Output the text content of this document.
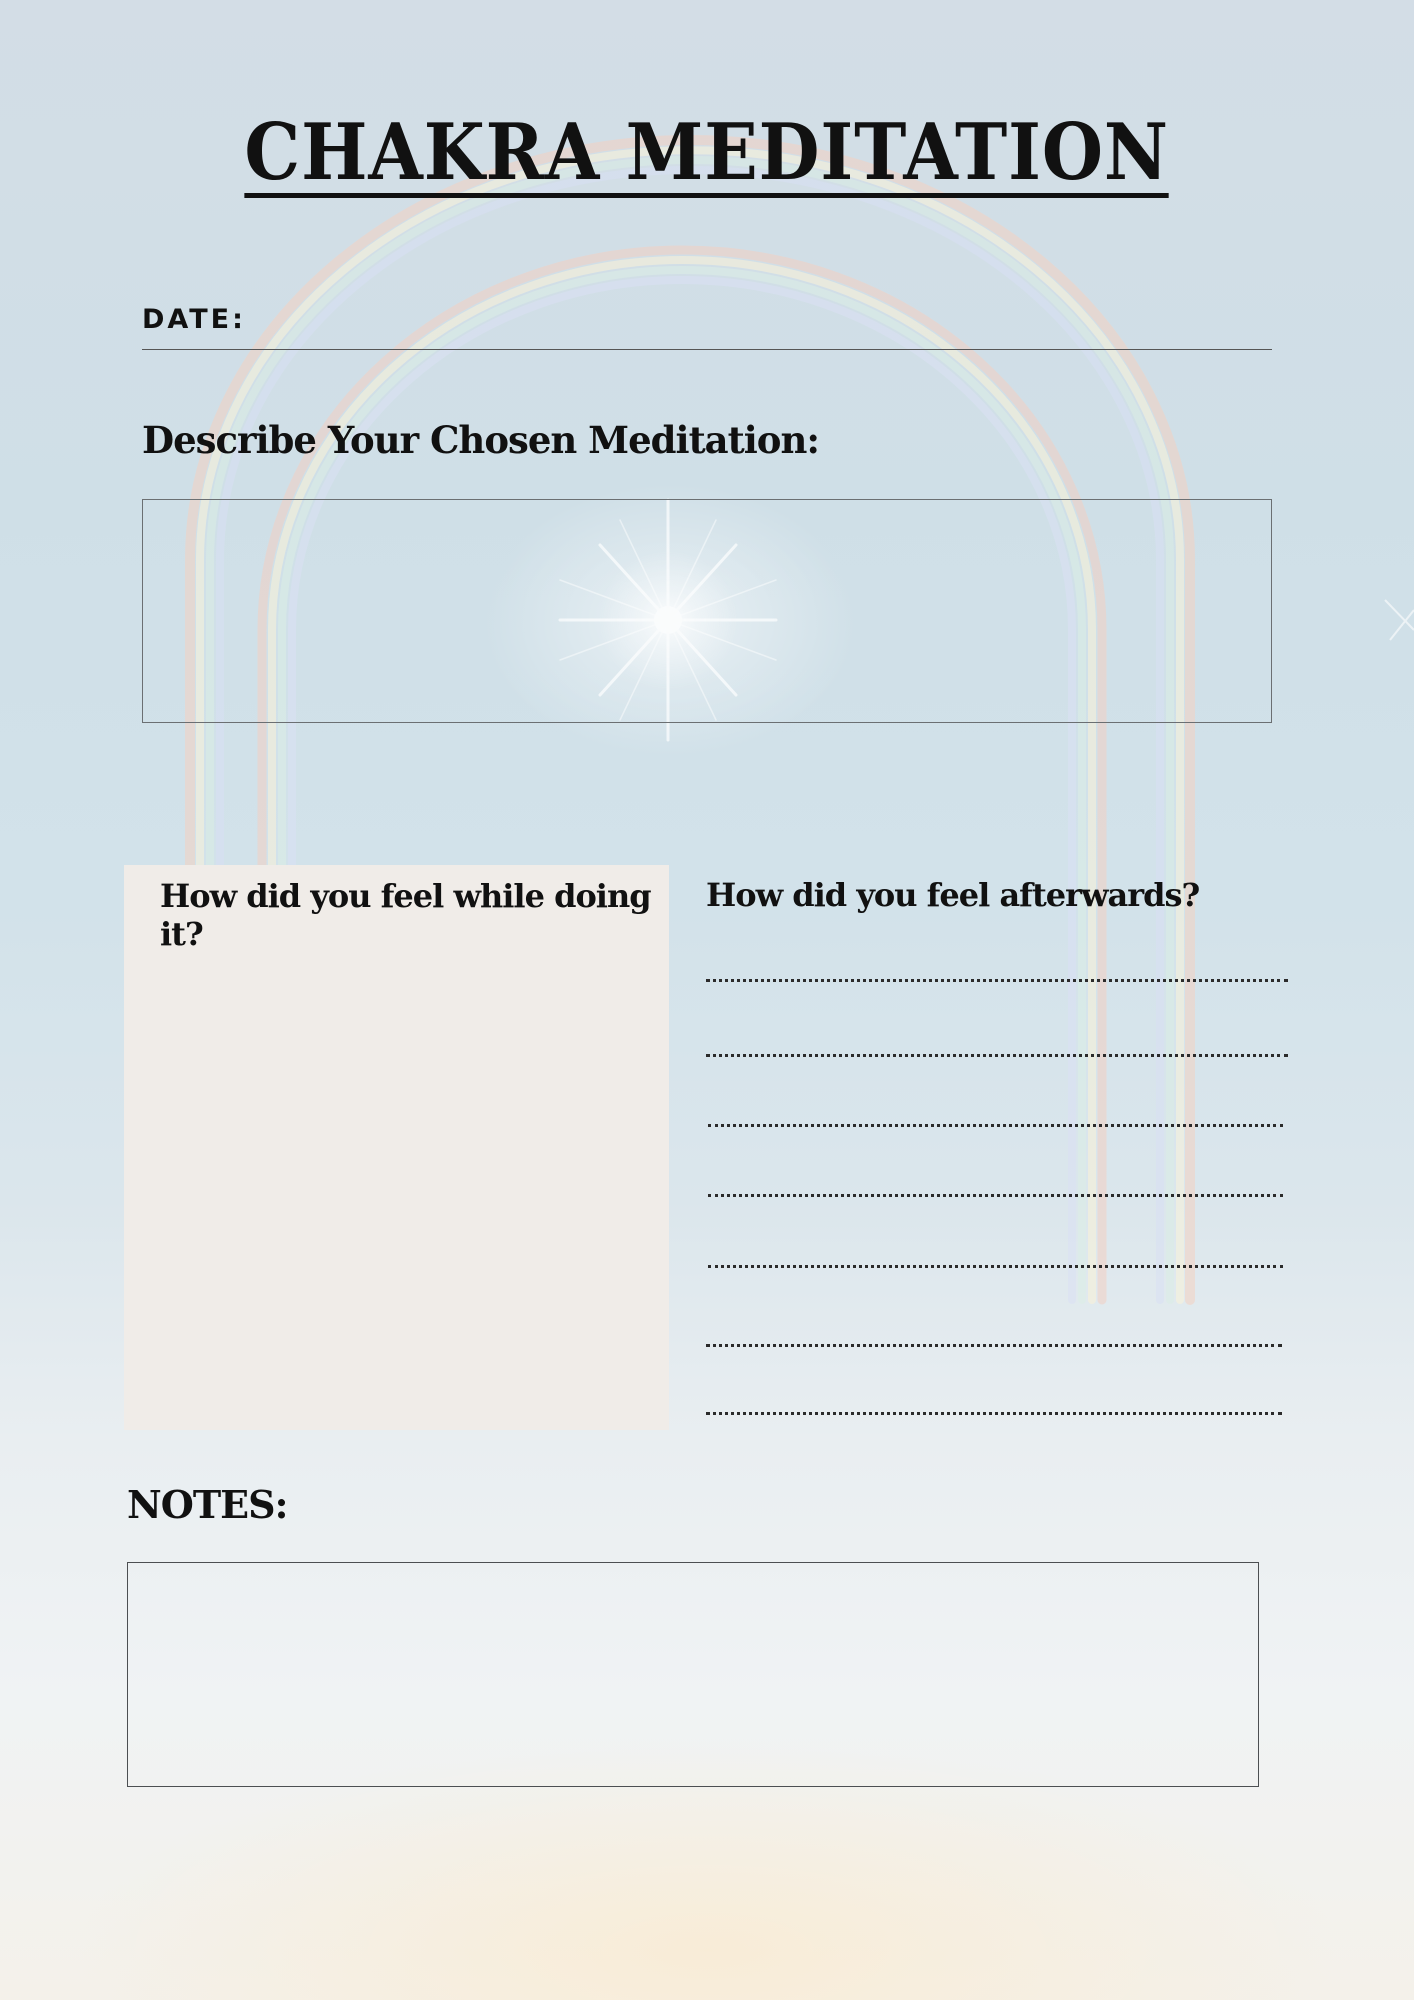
CHAKRA MEDITATION
DATE:
Describe Your Chosen Meditation:
How did you feel while doing it?
How did you feel afterwards?
NOTES:
